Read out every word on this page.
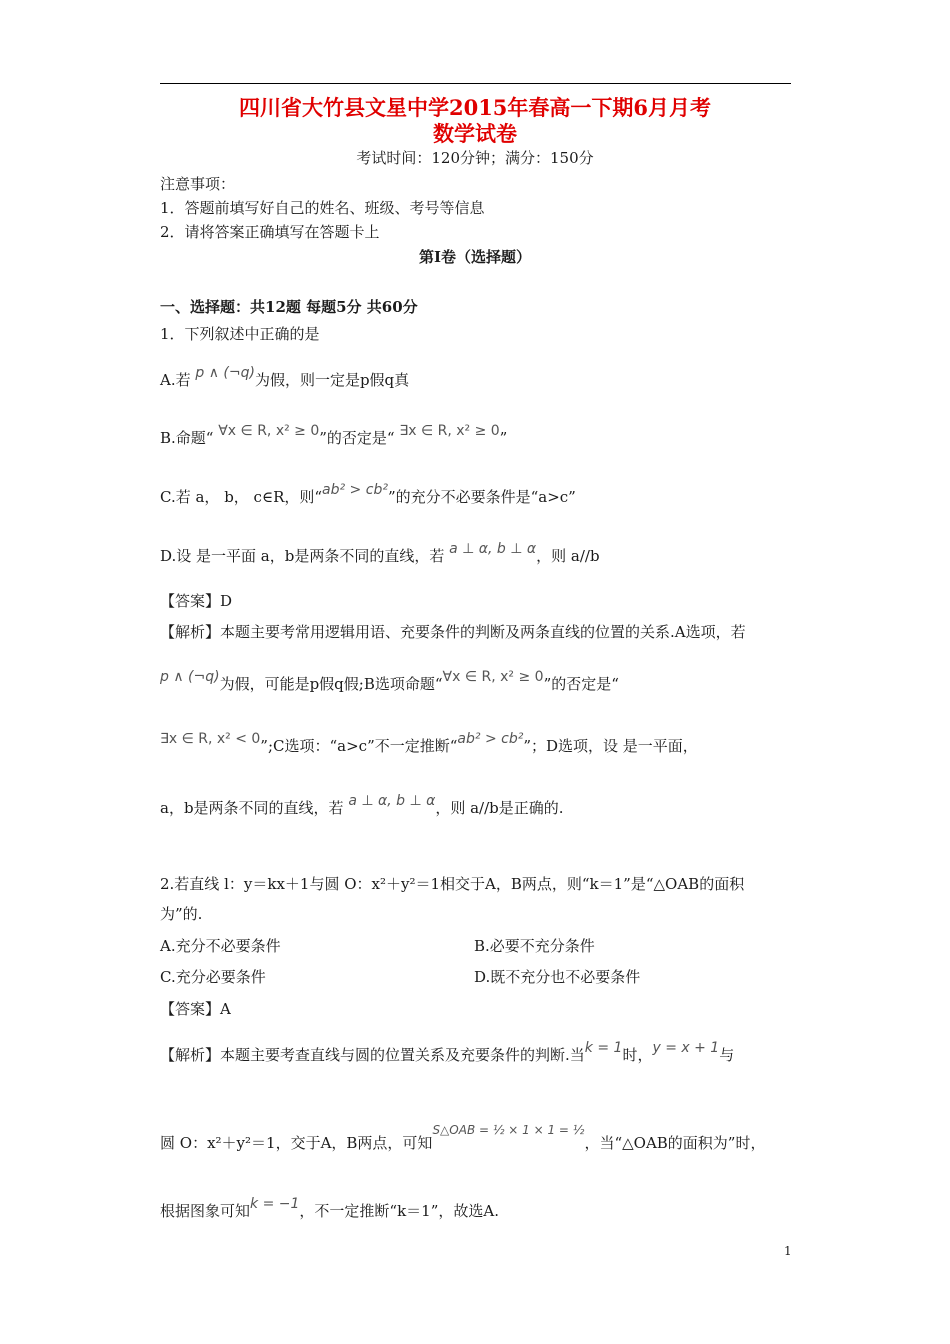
四川省大竹县文星中学2015年春高一下期6月月考
数学试卷
考试时间：120分钟；满分：150分
注意事项：
1．答题前填写好自己的姓名、班级、考号等信息
2．请将答案正确填写在答题卡上
第I卷（选择题）
一、选择题：共12题 每题5分 共60分
1．下列叙述中正确的是
A.若 p ∧ (¬q)为假，则一定是p假q真
B.命题“ ∀x ∈ R, x² ≥ 0”的否定是“ ∃x ∈ R, x² ≥ 0”
C.若 a， b， c∈R，则“ab² > cb²”的充分不必要条件是“a>c”
D.设 是一平面 a，b是两条不同的直线，若 a ⊥ α, b ⊥ α，则 a//b
【答案】D
【解析】本题主要考常用逻辑用语、充要条件的判断及两条直线的位置的关系.A选项，若
p ∧ (¬q)为假，可能是p假q假;B选项命题“∀x ∈ R, x² ≥ 0”的否定是“
∃x ∈ R, x² < 0”;C选项：“a>c”不一定推断“ab² > cb²”；D选项，设 是一平面，
a，b是两条不同的直线，若 a ⊥ α, b ⊥ α，则 a//b是正确的.
2.若直线 l：y＝kx＋1与圆 O：x²＋y²＝1相交于A，B两点，则“k＝1”是“△OAB的面积
为”的.
A.充分不必要条件	B.必要不充分条件
C.充分必要条件	D.既不充分也不必要条件
【答案】A
【解析】本题主要考查直线与圆的位置关系及充要条件的判断.当k = 1时，y = x + 1与
圆 O：x²＋y²＝1，交于A，B两点，可知$^{S\triangle OAB = \frac{1}{2} \times 1 \times 1 = \frac{1}{2}}$，当“△OAB的面积为”时，
根据图象可知k = −1，不一定推断“k＝1”，故选A.
1
